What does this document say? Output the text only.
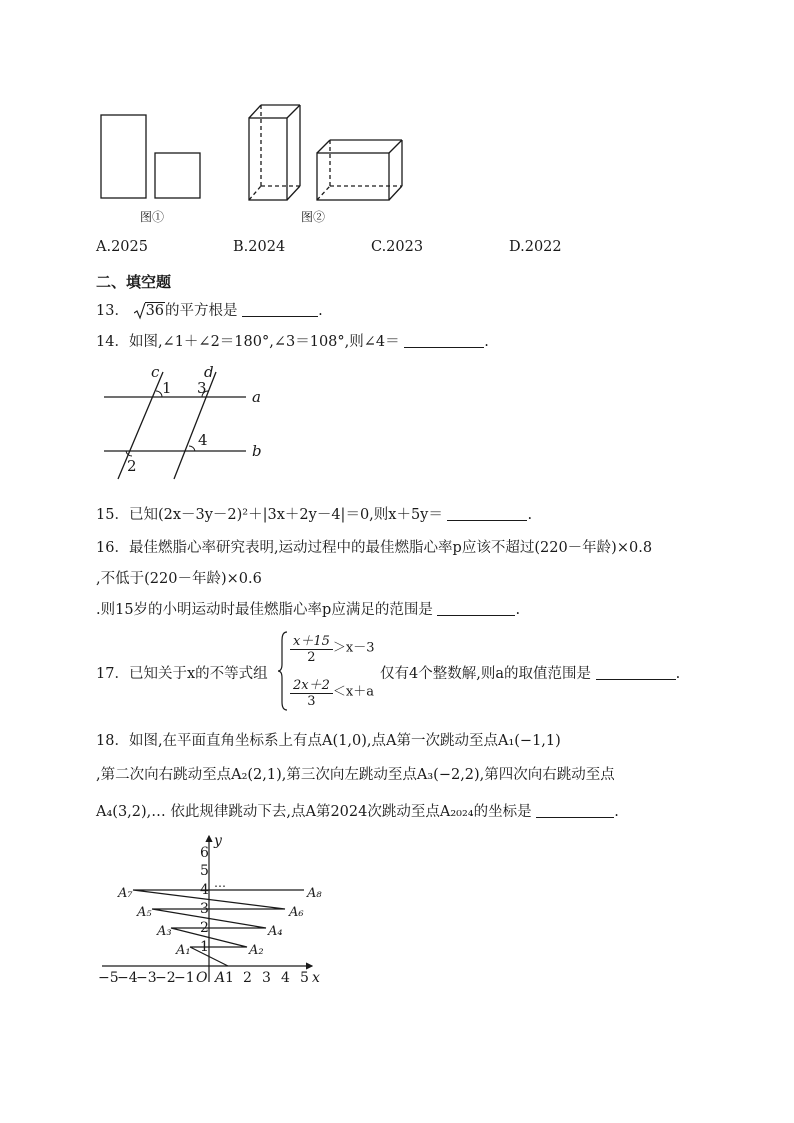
图①	图②
A.2025	B.2024	C.2023	D.2022
二、填空题
13． 36的平方根是	.
14．如图,∠1＋∠2＝180°,∠3＝108°,则∠4＝	.
c	d
a
b
1 3
4
2
15．已知(2x－3y－2)²＋|3x＋2y－4|＝0,则x＋5y＝	.
16．最佳燃脂心率研究表明,运动过程中的最佳燃脂心率p应该不超过(220－年龄)×0.8
,不低于(220－年龄)×0.6
.则15岁的小明运动时最佳燃脂心率p应满足的范围是	.
17．已知关于x的不等式组
$\frac{x+15}{2} >x-3$
$\frac{2x+2}{3} <x+a$
仅有4个整数解,则a的取值范围是	.
18．如图,在平面直角坐标系上有点A(1,0),点A第一次跳动至点A₁(−1,1)
,第二次向右跳动至点A₂(2,1),第三次向左跳动至点A₃(−2,2),第四次向右跳动至点
A₄(3,2),… 依此规律跳动下去,点A第2024次跳动至点A₂₀₂₄的坐标是	.
y
x
O
−5
−4
−3
−2
−1 A 1 2 3 4 5
1
2
3
4
5
6
…
A₁	A₂
A₃	A₄
A₅	A₆
A₇	A₈
